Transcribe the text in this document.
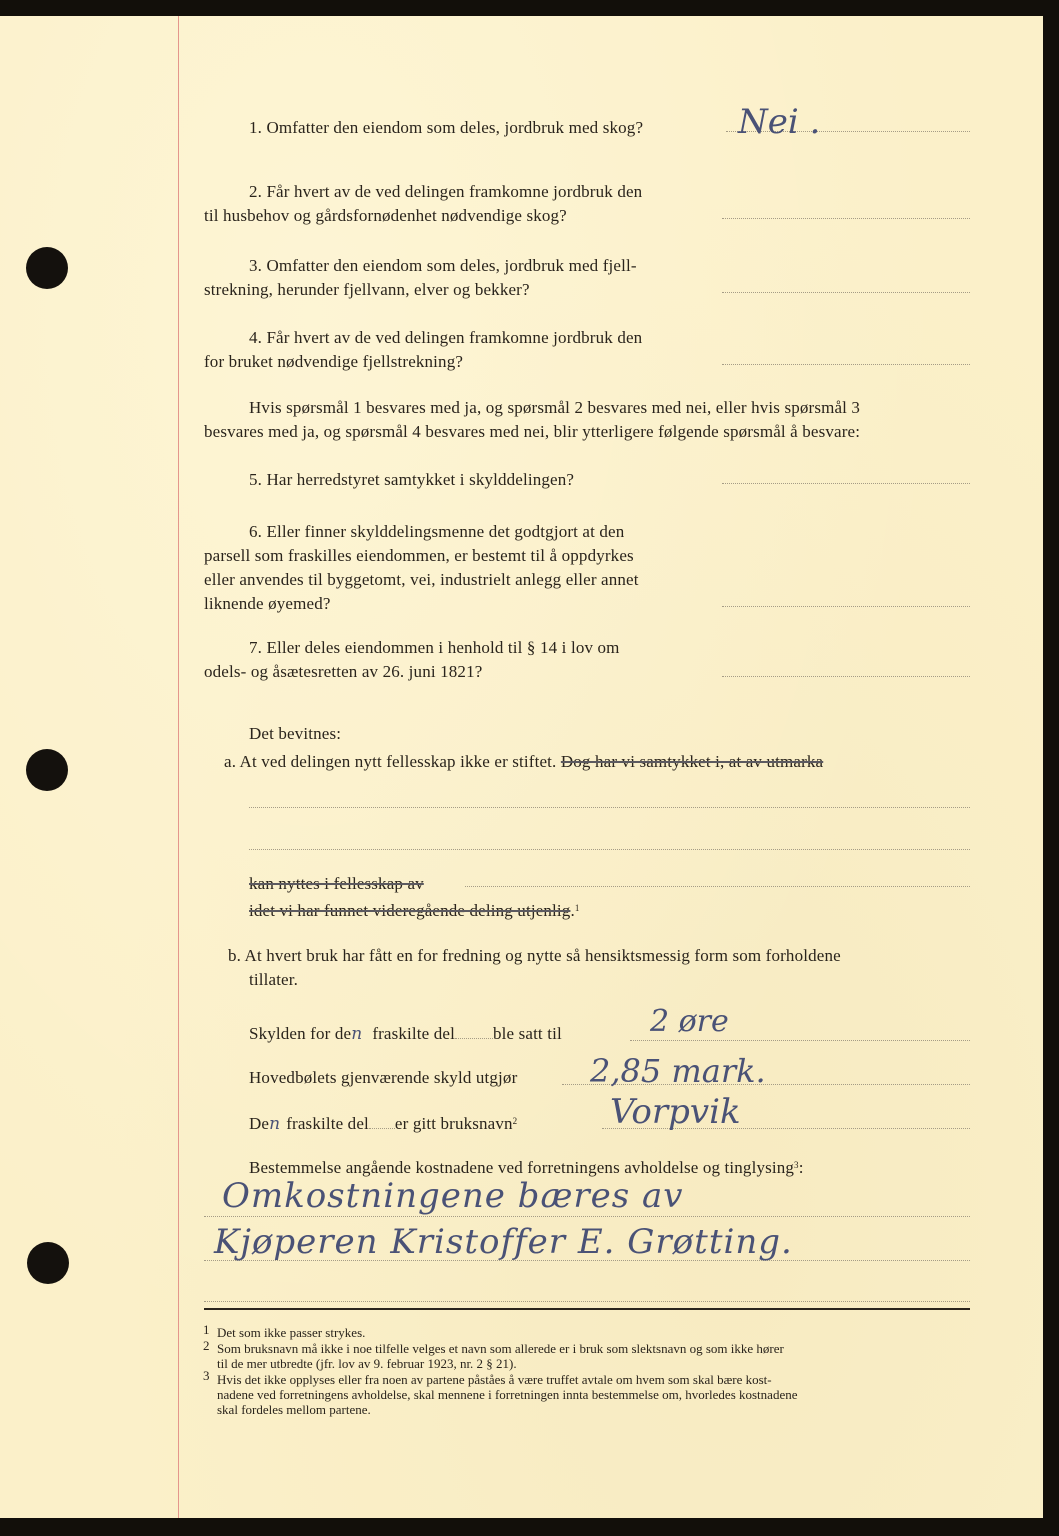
1. Omfatter den eiendom som deles, jordbruk med skog?	Nei .
2. Får hvert av de ved delingen framkomne jordbruk den
til husbehov og gårdsfornødenhet nødvendige skog?
3. Omfatter den eiendom som deles, jordbruk med fjell-
strekning, herunder fjellvann, elver og bekker?
4. Får hvert av de ved delingen framkomne jordbruk den
for bruket nødvendige fjellstrekning?
Hvis spørsmål 1 besvares med ja, og spørsmål 2 besvares med nei, eller hvis spørsmål 3
besvares med ja, og spørsmål 4 besvares med nei, blir ytterligere følgende spørsmål å besvare:
5. Har herredstyret samtykket i skylddelingen?
6. Eller finner skylddelingsmenne det godtgjort at den
parsell som fraskilles eiendommen, er bestemt til å oppdyrkes
eller anvendes til byggetomt, vei, industrielt anlegg eller annet
liknende øyemed?
7. Eller deles eiendommen i henhold til § 14 i lov om
odels- og åsætesretten av 26. juni 1821?
Det bevitnes:
a. At ved delingen nytt fellesskap ikke er stiftet. Dog har vi samtykket i, at av utmarka
kan nyttes i fellesskap av
idet vi har funnet videregående deling utjenlig.$^1$
b. At hvert bruk har fått en for fredning og nytte så hensiktsmessig form som forholdene
tillater.
Skylden for den fraskilte del ble satt til	2 øre
Hovedbølets gjenværende skyld utgjør 2,85 mark.
Den fraskilte del er gitt bruksnavn$^2$	Vorpvik
Bestemmelse angående kostnadene ved forretningens avholdelse og tinglysing$^3$:
Omkostningene bæres av
Kjøperen Kristoffer E. Grøtting.
1 Det som ikke passer strykes.
2 Som bruksnavn må ikke i noe tilfelle velges et navn som allerede er i bruk som slektsnavn og som ikke hører
til de mer utbredte (jfr. lov av 9. februar 1923, nr. 2 § 21).
3 Hvis det ikke opplyses eller fra noen av partene påståes å være truffet avtale om hvem som skal bære kost-
nadene ved forretningens avholdelse, skal mennene i forretningen innta bestemmelse om, hvorledes kostnadene
skal fordeles mellom partene.
